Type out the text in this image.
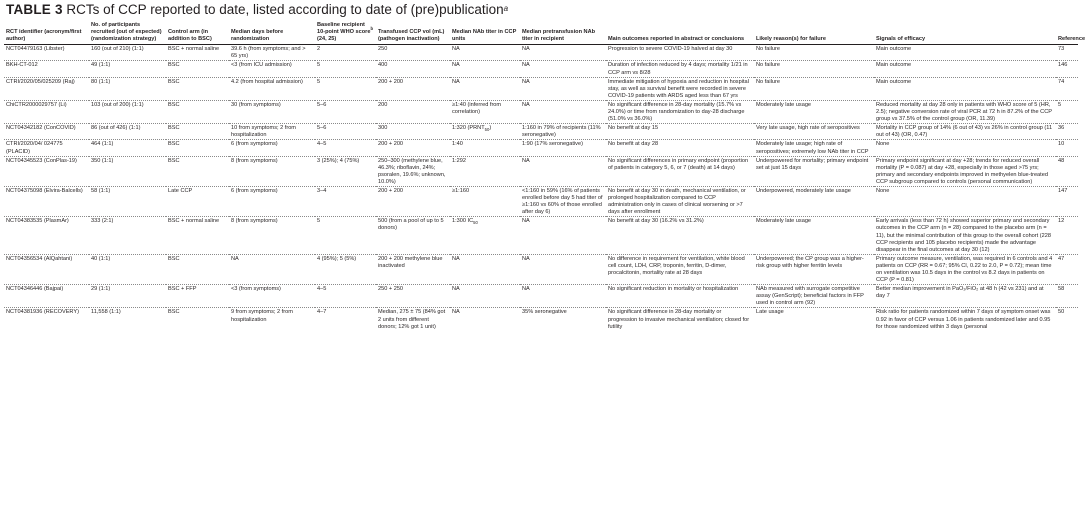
TABLE 3 RCTs of CCP reported to date, listed according to date of (pre)publication$^a$
RCT identifier (acronym/first author)	No. of participants recruited (out of expected) (randomization strategy)	Control arm (in addition to BSC)	Median days before randomization	Baseline recipient 10-point WHO score$^b$ (24, 25)	Transfused CCP vol (mL) (pathogen inactivation)	Median NAb titer in CCP units	Median pretransfusion NAb titer in recipient	Main outcomes reported in abstract or conclusions	Likely reason(s) for failure	Signals of efficacy	Reference
NCT04479163 (Libster)	160 (out of 210) (1:1)	BSC + normal saline	39.6 h (from symptoms; and > 65 yrs)	2	250	NA	NA	Progression to severe COVID-19 halved at day 30	No failure	Main outcome	73
BKH-CT-012	49 (1:1)	BSC	<3 (from ICU admission)	5	400	NA	NA	Duration of infection reduced by 4 days; mortality 1/21 in CCP arm vs 8/28	No failure	Main outcome	146
CTRI/2020/05/025209 (Raj)	80 (1:1)	BSC	4.2 (from hospital admission)	5	200 + 200	NA	NA	Immediate mitigation of hypoxia and reduction in hospital stay, as well as survival benefit were recorded in severe COVID-19 patients with ARDS aged less than 67 yrs	No failure	Main outcome	74
ChiCTR2000029757 (Li)	103 (out of 200) (1:1)	BSC	30 (from symptoms)	5–6	200	≥1:40 (inferred from correlation)	NA	No significant difference in 28-day mortality (15.7% vs 24.0%) or time from randomization to day-28 discharge (51.0% vs 36.0%)	Moderately late usage	Reduced mortality at day 28 only in patients with WHO score of 5 (HR, 2.5); negative conversion rate of viral PCR at 72 h in 87.2% of the CCP group vs 37.5% of the control group (OR, 11.39)	5
NCT04342182 (ConCOVID)	86 (out of 426) (1:1)	BSC	10 from symptoms; 2 from hospitalization	5–6	300	1:320 $(PRNT_{50})$	1:160 in 79% of recipients (11% seronegative)	No benefit at day 15	Very late usage, high rate of seropositives	Mortality in CCP group of 14% (6 out of 43) vs 26% in control group (11 out of 43) (OR, 0.47)	36
CTRI/2020/04/ 024775 (PLACID)	464 (1:1)	BSC	6 (from symptoms)	4–5	200 + 200	1:40	1:90 (17% seronegative)	No benefit at day 28	Moderately late usage; high rate of seropositives; extremely low NAb titer in CCP	None	10
NCT04345523 (ConPlas-19)	350 (1:1)	BSC	8 (from symptoms)	3 (25%); 4 (75%)	250–300 (methylene blue, 46.3%; riboflavin, 24%; psoralen, 19.6%; unknown, 10.0%)	1:292	NA	No significant differences in primary endpoint (proportion of patients in category 5, 6, or 7 (death) at 14 days)	Underpowered for mortality; primary endpoint set at just 15 days	Primary endpoint significant at day +28; trends for reduced overall mortality (P = 0.087) at day +28, especially in those aged >75 yrs; primary and secondary endpoints improved in methyelen blue-treated CCP subgroup compared to controls (personal communication)	48
NCT04375098 (Elvira-Balcells)	58 (1:1)	Late CCP	6 (from symptoms)	3–4	200 + 200	≥1:160	<1:160 in 59% (16% of patients enrolled before day 5 had titer of ≥1:160 vs 60% of those enrolled after day 6)	No benefit at day 30 in death, mechanical ventilation, or prolonged hospitalization compared to CCP administration only in cases of clinical worsening or >7 days after enrollment	Underpowered, moderately late usage	None	147
NCT04383535 (PlasmAr)	333 (2:1)	BSC + normal saline	8 (from symptoms)	5	500 (from a pool of up to 5 donors)	1:300 $IC_{50}$	NA	No benefit at day 30 (16.2% vs 31.2%)	Moderately late usage	Early arrivals (less than 72 h) showed superior primary and secondary outcomes in the CCP arm (n = 28) compared to the placebo arm (n = 11), but the minimal contribution of this group to the overall cohort (228 CCP recipients and 105 placebo recipients) made the advantage disappear in the final outcomes at day 30 (12)	12
NCT04356534 (AlQahtani)	40 (1:1)	BSC	NA	4 (95%); 5 (5%)	200 + 200 methylene blue inactivated	NA	NA	No difference in requirement for ventilation, white blood cell count, LDH, CRP, troponin, ferritin, D-dimer, procalcitonin, mortality rate at 28 days	Underpowered; the CP group was a higher-risk group with higher ferritin levels	Primary outcome measure, ventilation, was required in 6 controls and 4 patients on CCP (RR = 0.67; 95% CI, 0.22 to 2.0, P = 0.72); mean time on ventilation was 10.5 days in the control vs 8.2 days in patients on CCP (P = 0.81)	47
NCT04346446 (Bajpai)	29 (1:1)	BSC + FFP	<3 (from symptoms)	4–5	250 + 250	NA	NA	No significant reduction in mortality or hospitalization	NAb measured with surrogate competitive assay (GenScript); beneficial factors in FFP used in control arm (92)	Better median improvement in PaO₂/FiO₂ at 48 h (42 vs 231) and at day 7	58
NCT04381936 (RECOVERY)	11,558 (1:1)	BSC	9 from symptoms; 2 from hospitalization	4–7	Median, 275 ± 75 (84% got 2 units from different donors; 12% got 1 unit)	NA	35% seronegative	No significant difference in 28-day mortality or progression to invasive mechanical ventilation; closed for futility	Late usage	Risk ratio for patients randomized within 7 days of symptom onset was 0.92 in favor of CCP versus 1.06 in patients randomized later and 0.95 for those randomized within 3 days (personal	50
